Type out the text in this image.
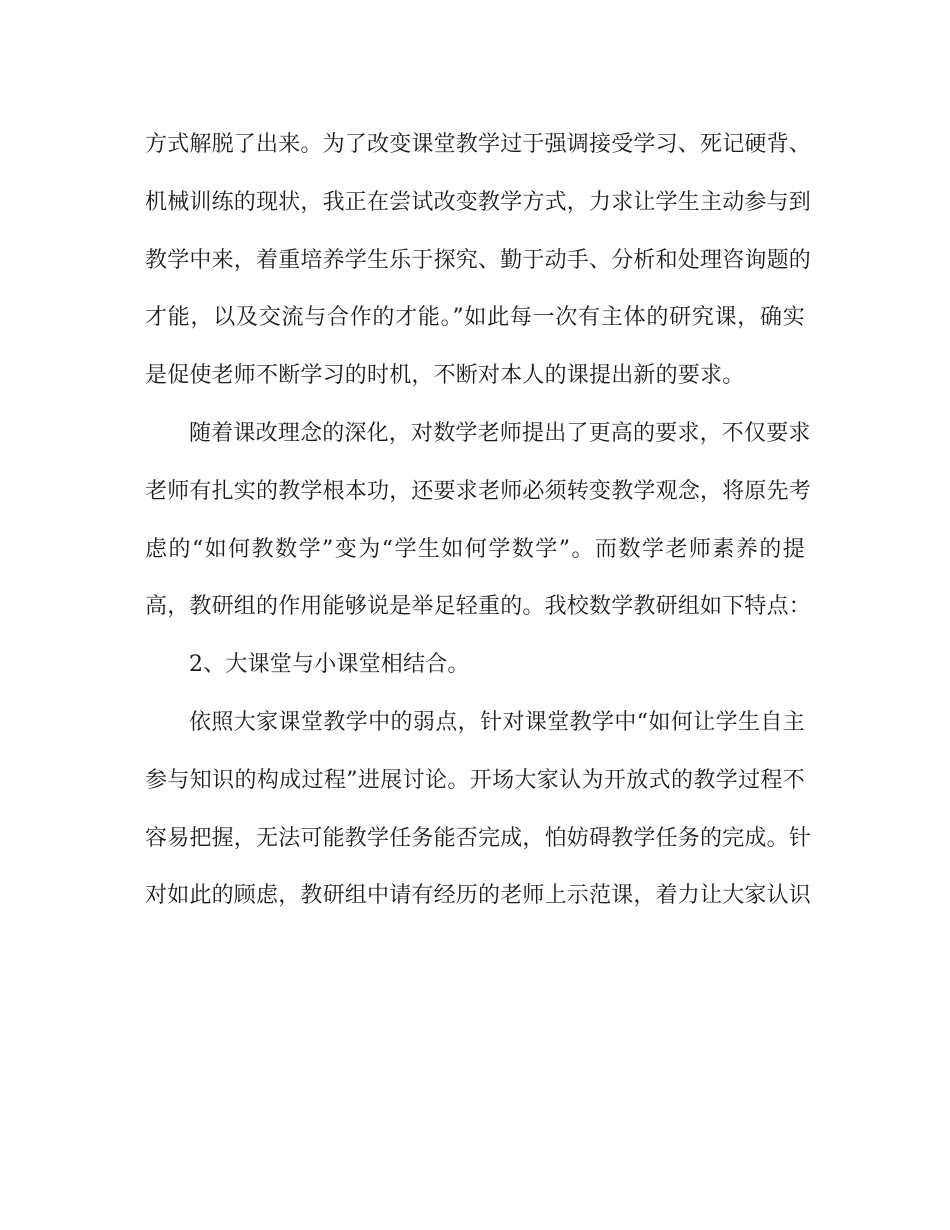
方式解脱了出来。为了改变课堂教学过于强调接受学习、死记硬背、
机械训练的现状，我正在尝试改变教学方式，力求让学生主动参与到
教学中来，着重培养学生乐于探究、勤于动手、分析和处理咨询题的
才能，以及交流与合作的才能。”如此每一次有主体的研究课，确实
是促使老师不断学习的时机，不断对本人的课提出新的要求。
随着课改理念的深化，对数学老师提出了更高的要求，不仅要求
老师有扎实的教学根本功，还要求老师必须转变教学观念，将原先考
虑的“如何教数学”变为“学生如何学数学”。而数学老师素养的提
高，教研组的作用能够说是举足轻重的。我校数学教研组如下特点：
2、大课堂与小课堂相结合。
依照大家课堂教学中的弱点，针对课堂教学中“如何让学生自主
参与知识的构成过程”进展讨论。开场大家认为开放式的教学过程不
容易把握，无法可能教学任务能否完成，怕妨碍教学任务的完成。针
对如此的顾虑，教研组中请有经历的老师上示范课，着力让大家认识
